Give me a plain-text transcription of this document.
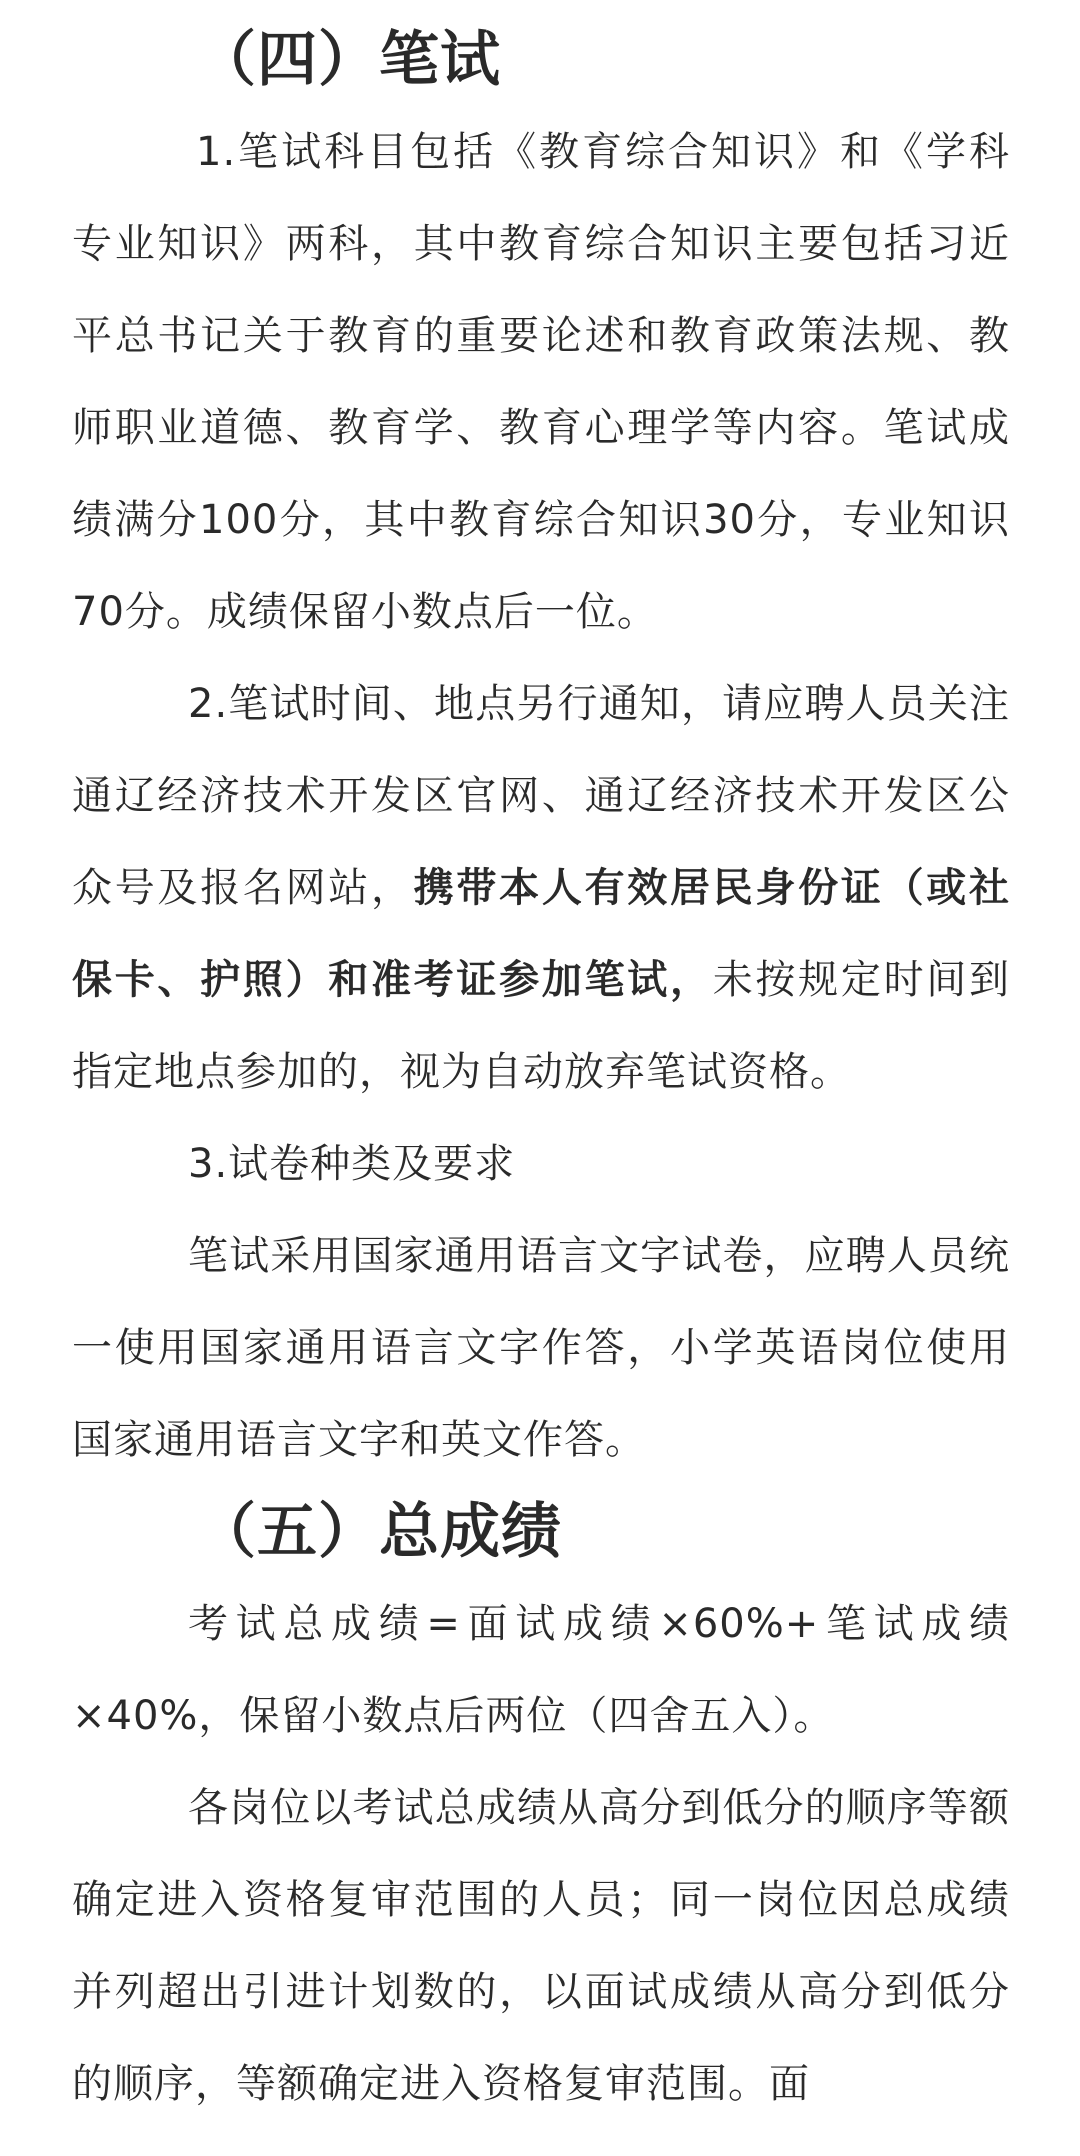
（四）笔试

1.笔试科目包括《教育综合知识》和《学科专业知识》两科，其中教育综合知识主要包括习近平总书记关于教育的重要论述和教育政策法规、教师职业道德、教育学、教育心理学等内容。笔试成绩满分100分，其中教育综合知识30分，专业知识70分。成绩保留小数点后一位。

2.笔试时间、地点另行通知，请应聘人员关注通辽经济技术开发区官网、通辽经济技术开发区公众号及报名网站，携带本人有效居民身份证（或社保卡、护照）和准考证参加笔试，未按规定时间到指定地点参加的，视为自动放弃笔试资格。

3.试卷种类及要求

笔试采用国家通用语言文字试卷，应聘人员统一使用国家通用语言文字作答，小学英语岗位使用国家通用语言文字和英文作答。

（五）总成绩

考试总成绩=面试成绩×60%+笔试成绩×40%，保留小数点后两位（四舍五入）。

各岗位以考试总成绩从高分到低分的顺序等额确定进入资格复审范围的人员；同一岗位因总成绩并列超出引进计划数的，以面试成绩从高分到低分的顺序，等额确定进入资格复审范围。面
